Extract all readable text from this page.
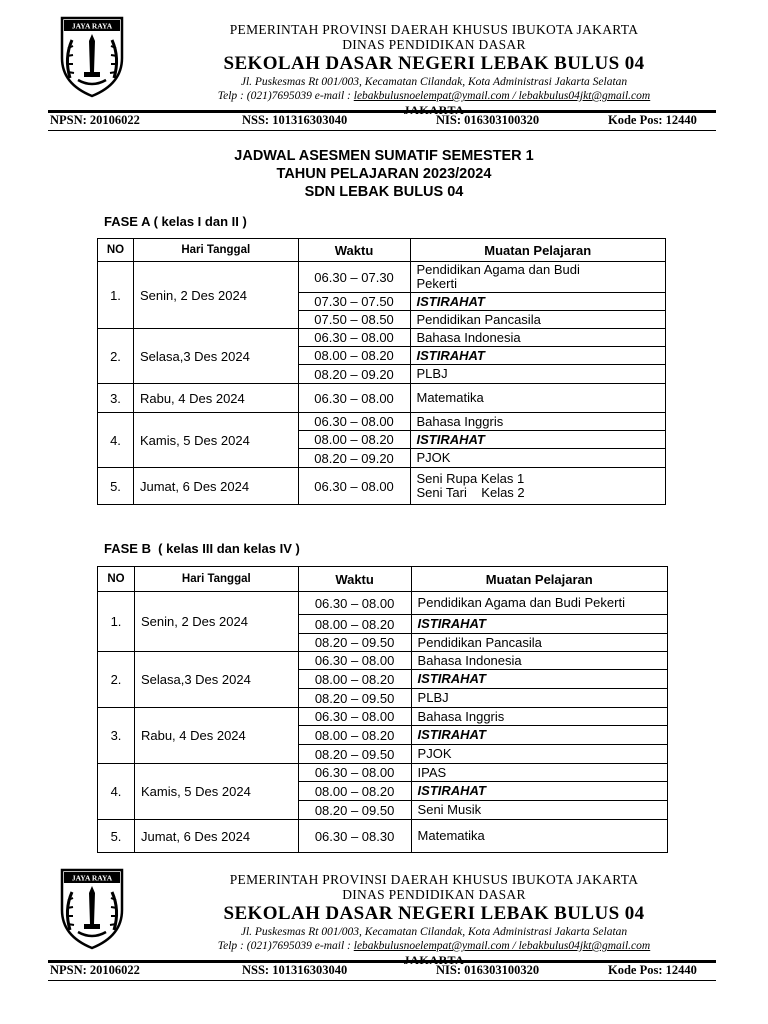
JAYA RAYA	PEMERINTAH PROVINSI DAERAH KHUSUS IBUKOTA JAKARTA
DINAS PENDIDIKAN DASAR
SEKOLAH DASAR NEGERI LEBAK BULUS 04
Jl. Puskesmas Rt 001/003, Kecamatan Cilandak, Kota Administrasi Jakarta Selatan
Telp : (021)7695039 e-mail : lebakbulusnoelempat@ymail.com / lebakbulus04jkt@gmail.com
NPSN: 20106022	NSS: 101316303040	NIS: 016303100320	Kode Pos: 12440
JADWAL ASESMEN SUMATIF SEMESTER 1
TAHUN PELAJARAN 2023/2024
SDN LEBAK BULUS 04
FASE A ( kelas I dan II )
NO	Hari Tanggal	Waktu	Muatan Pelajaran
1.	Senin, 2 Des 2024	06.30 – 07.30	Pendidikan Agama dan Budi
Pekerti

		07.30 – 07.50	ISTIRAHAT
		07.50 – 08.50	Pendidikan Pancasila
2.	Selasa,3 Des 2024	06.30 – 08.00	Bahasa Indonesia
		08.00 – 08.20	ISTIRAHAT
		08.20 – 09.20	PLBJ
3.	Rabu, 4 Des 2024	06.30 – 08.00	Matematika
4.	Kamis, 5 Des 2024	06.30 – 08.00	Bahasa Inggris
		08.00 – 08.20	ISTIRAHAT
		08.20 – 09.20	PJOK
5.	Jumat, 6 Des 2024	06.30 – 08.00	Seni Rupa Kelas 1
Seni Tari    Kelas 2
FASE B  ( kelas III dan kelas IV )
NO	Hari Tanggal	Waktu	Muatan Pelajaran
1.	Senin, 2 Des 2024	06.30 – 08.00	Pendidikan Agama dan Budi Pekerti
		08.00 – 08.20	ISTIRAHAT
		08.20 – 09.50	Pendidikan Pancasila
2.	Selasa,3 Des 2024	06.30 – 08.00	Bahasa Indonesia
		08.00 – 08.20	ISTIRAHAT
		08.20 – 09.50	PLBJ
3.	Rabu, 4 Des 2024	06.30 – 08.00	Bahasa Inggris
		08.00 – 08.20	ISTIRAHAT
		08.20 – 09.50	PJOK
4.	Kamis, 5 Des 2024	06.30 – 08.00	IPAS
		08.00 – 08.20	ISTIRAHAT
		08.20 – 09.50	Seni Musik
5.	Jumat, 6 Des 2024	06.30 – 08.30	Matematika
JAYA RAYA	PEMERINTAH PROVINSI DAERAH KHUSUS IBUKOTA JAKARTA
DINAS PENDIDIKAN DASAR
SEKOLAH DASAR NEGERI LEBAK BULUS 04
Jl. Puskesmas Rt 001/003, Kecamatan Cilandak, Kota Administrasi Jakarta Selatan
Telp : (021)7695039 e-mail : lebakbulusnoelempat@ymail.com / lebakbulus04jkt@gmail.com
NPSN: 20106022	NSS: 101316303040	NIS: 016303100320	Kode Pos: 12440
